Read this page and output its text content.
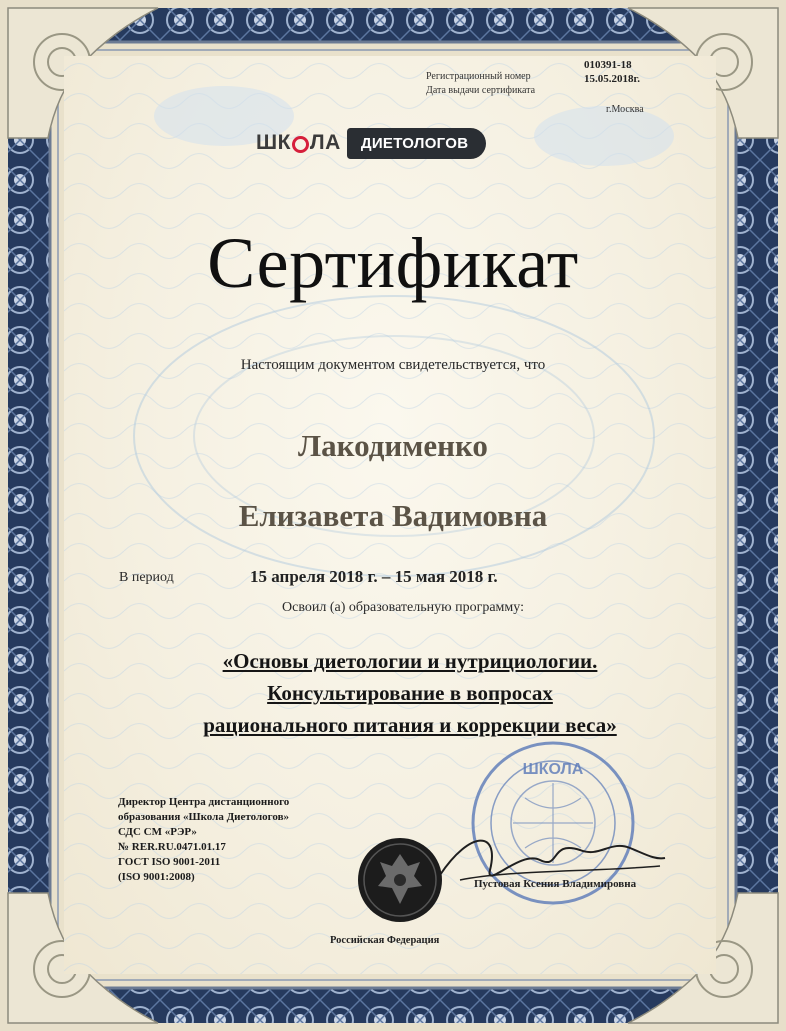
Регистрационный номер
Дата выдачи сертификата
010391-18
15.05.2018г.
г.Москва
ШК ЛА	ДИЕТОЛОГОВ
Сертификат
Настоящим документом свидетельствуется, что
Лакодименко
Елизавета Вадимовна
В период	15 апреля 2018 г. – 15 мая 2018 г.
Освоил (а) образовательную программу:
«Основы диетологии и нутрициологии.
Консультирование в вопросах
рационального питания и коррекции веса»
ШКОЛА
Директор Центра дистанционного
образования «Школа Диетологов»
СДС СМ «РЭР»
№ RER.RU.0471.01.17
ГОСТ ISO 9001-2011
(ISO 9001:2008)
Пустовая Ксения Владимировна
Российская Федерация
